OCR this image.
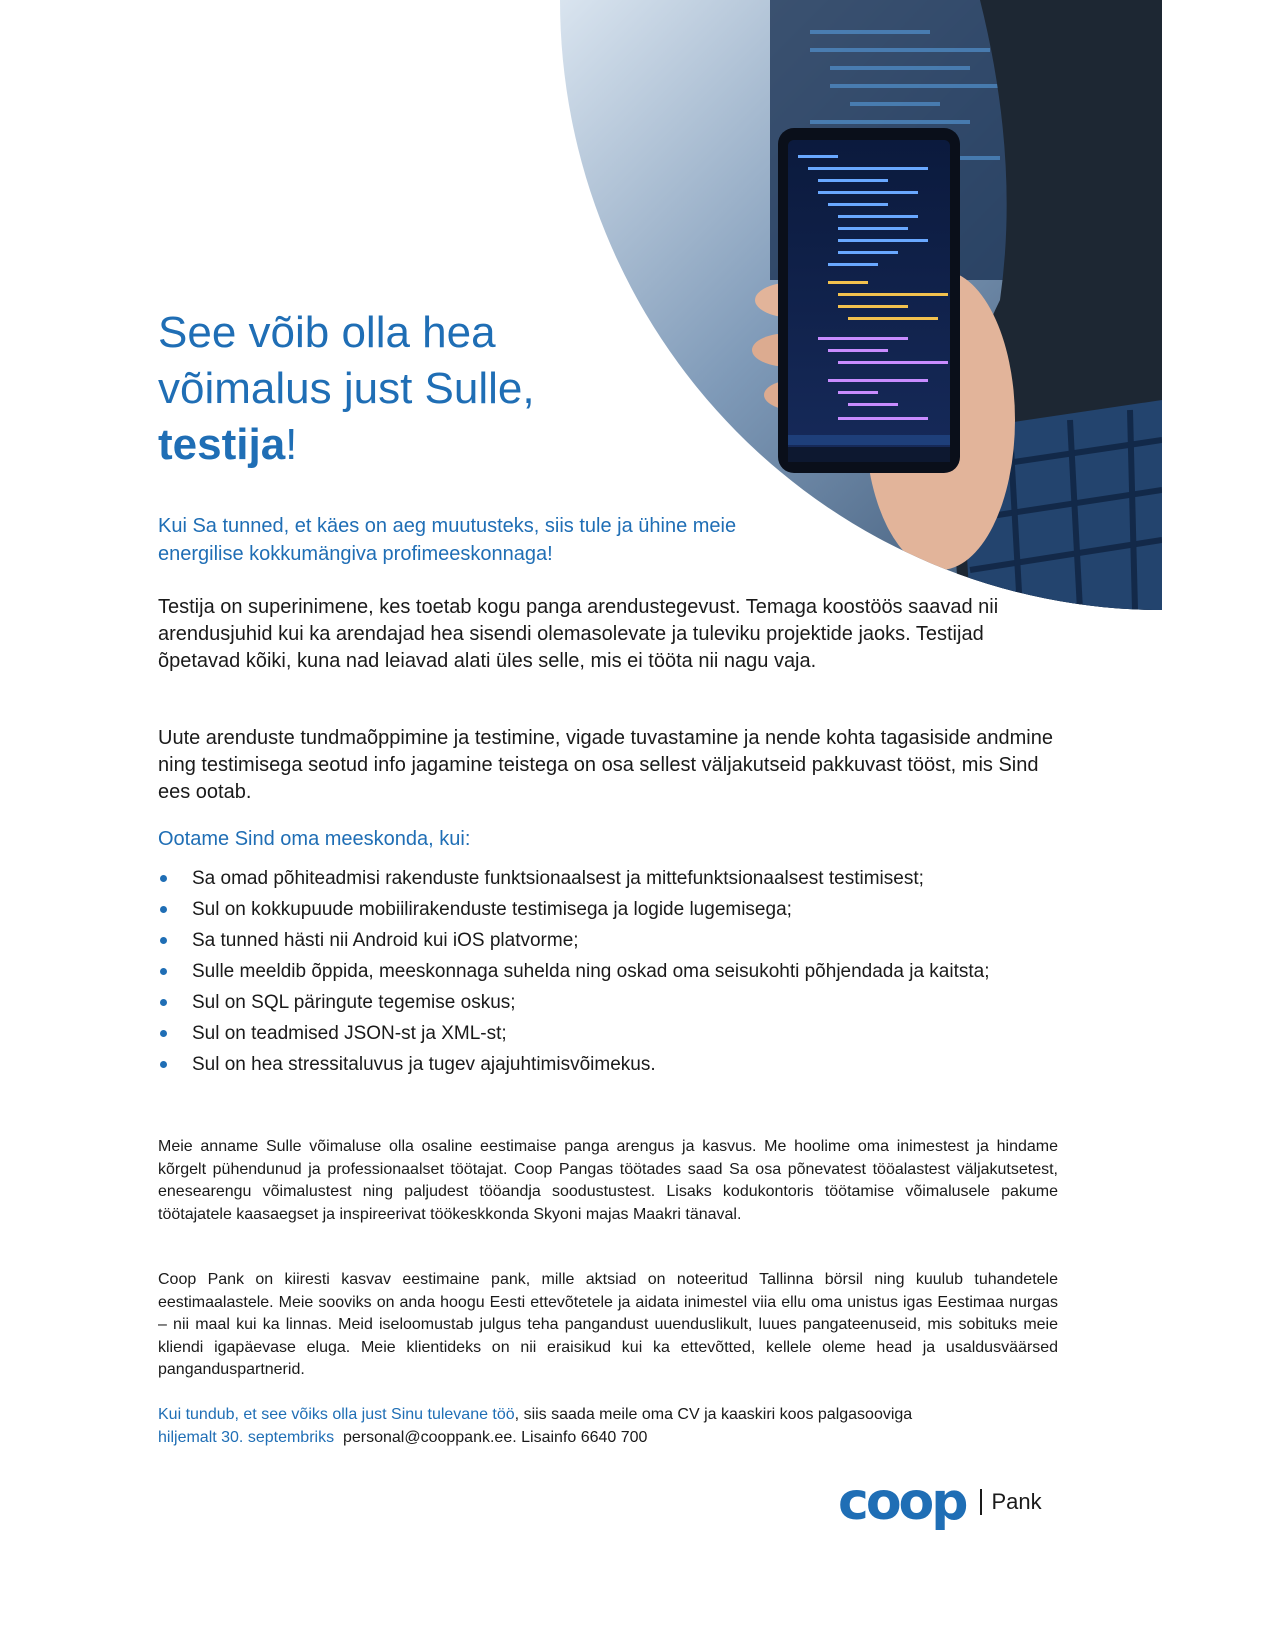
See võib olla hea
võimalus just Sulle,
testija!
Kui Sa tunned, et käes on aeg muutusteks, siis tule ja ühine meie energilise kokkumängiva profimeeskonnaga!
Testija on superinimene, kes toetab kogu panga arendustegevust. Temaga koostöös saavad nii arendusjuhid kui ka arendajad hea sisendi olemasolevate ja tuleviku projektide jaoks. Testijad õpetavad kõiki, kuna nad leiavad alati üles selle, mis ei tööta nii nagu vaja.
Uute arenduste tundmaõppimine ja testimine, vigade tuvastamine ja nende kohta tagasiside andmine ning testimisega seotud info jagamine teistega on osa sellest väljakutseid pakkuvast tööst, mis Sind ees ootab.
Ootame Sind oma meeskonda, kui:
Sa omad põhiteadmisi rakenduste funktsionaalsest ja mittefunktsionaalsest testimisest;
Sul on kokkupuude mobiilirakenduste testimisega ja logide lugemisega;
Sa tunned hästi nii Android kui iOS platvorme;
Sulle meeldib õppida, meeskonnaga suhelda ning oskad oma seisukohti põhjendada ja kaitsta;
Sul on SQL päringute tegemise oskus;
Sul on teadmised JSON-st ja XML-st;
Sul on hea stressitaluvus ja tugev ajajuhtimisvõimekus.
Meie anname Sulle võimaluse olla osaline eestimaise panga arengus ja kasvus. Me hoolime oma inimestest ja hindame kõrgelt pühendunud ja professionaalset töötajat. Coop Pangas töötades saad Sa osa põnevatest tööalastest väljakutsetest, enesearengu võimalustest ning paljudest tööandja soodustustest. Lisaks kodukontoris töötamise võimalusele pakume töötajatele kaasaegset ja inspireerivat töökeskkonda Skyoni majas Maakri tänaval.
Coop Pank on kiiresti kasvav eestimaine pank, mille aktsiad on noteeritud Tallinna börsil ning kuulub tuhandetele eestimaalastele. Meie sooviks on anda hoogu Eesti ettevõtetele ja aidata inimestel viia ellu oma unistus igas Eestimaa nurgas – nii maal kui ka linnas. Meid iseloomustab julgus teha pangandust uuenduslikult, luues pangateenuseid, mis sobituks meie kliendi igapäevase eluga. Meie klientideks on nii eraisikud kui ka ettevõtted, kellele oleme head ja usaldusväärsed panganduspartnerid.
Kui tundub, et see võiks olla just Sinu tulevane töö, siis saada meile oma CV ja kaaskiri koos palgasooviga
hiljemalt 30. septembriks  personal@cooppank.ee. Lisainfo 6640 700
coop Pank
